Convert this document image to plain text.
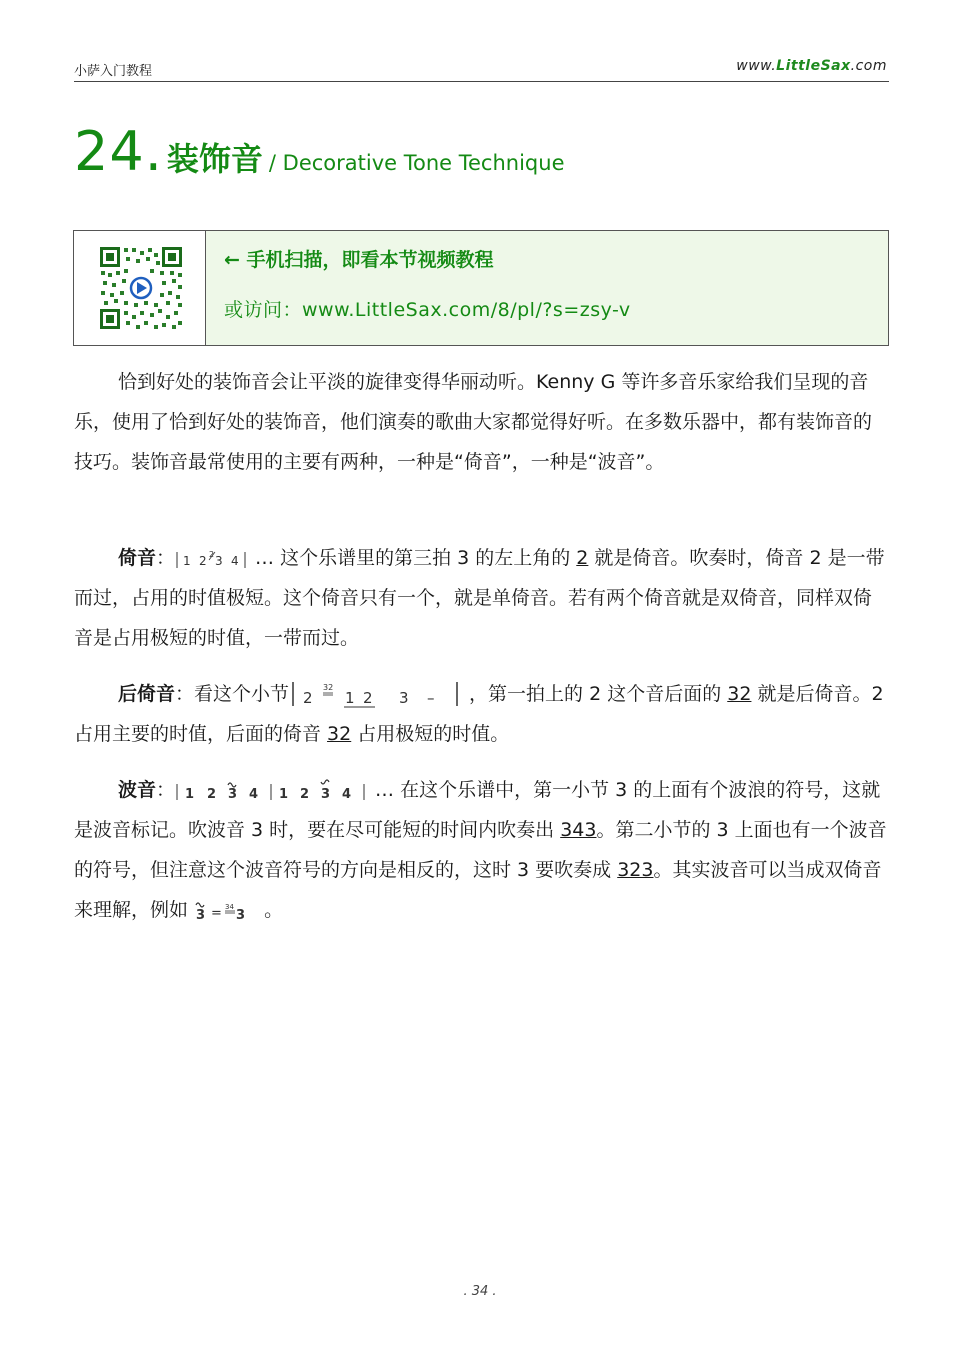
小萨入门教程	www.LittleSax.com
24. 装饰音 / Decorative Tone Technique
← 手机扫描，即看本节视频教程
或访问：www.LittleSax.com/8/pl/?s=zsy-v
恰到好处的装饰音会让平淡的旋律变得华丽动听。Kenny G 等许多音乐家给我们呈现的音乐，使用了恰到好处的装饰音，他们演奏的歌曲大家都觉得好听。在多数乐器中，都有装饰音的技巧。装饰音最常使用的主要有两种，一种是“倚音”，一种是“波音”。
倚音： 1 2 2 3 4 … 这个乐谱里的第三拍 3 的左上角的 2 就是倚音。吹奏时，倚音 2 是一带而过，占用的时值极短。这个倚音只有一个，就是单倚音。若有两个倚音就是双倚音，同样双倚音是占用极短的时值，一带而过。
后倚音：看这个小节 2
32
1 2 3 – ，第一拍上的 2 这个音后面的 32 就是后倚音。2 占用主要的时值，后面的倚音 32 占用极短的时值。
波音： 1 2 3 4 1 2 3 4 … 在这个乐谱中，第一小节 3 的上面有个波浪的符号，这就是波音标记。吹波音 3 时，要在尽可能短的时间内吹奏出 343。第二小节的 3 上面也有一个波音的符号，但注意这个波音符号的方向是相反的，这时 3 要吹奏成 323。其实波音可以当成双倚音来理解，例如 3 = 34
3 。
. 34 .
